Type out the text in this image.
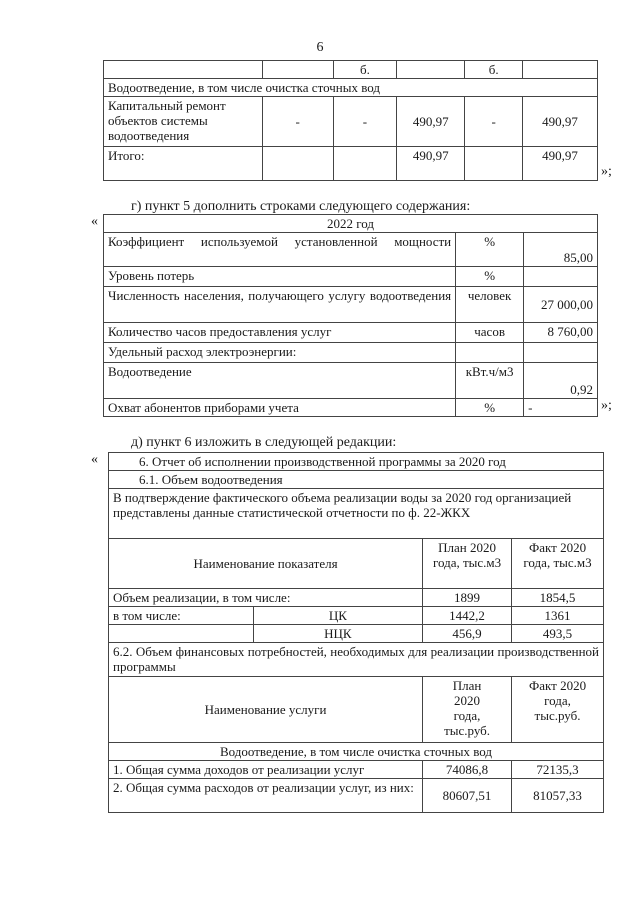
6
		б.		б.	
Водоотведение, в том числе очистка сточных вод					
Капитальный ремонт объектов системы водоотведения	-	-	490,97	-	490,97
Итого:			490,97		490,97
»;
г) пункт 5 дополнить строками следующего содержания:
«	2022 год		
Коэффициент используемой установленной мощности	%	85,00
Уровень потерь	%	
Численность населения, получающего услугу водоотведения	человек	27 000,00
Количество часов предоставления услуг	часов	8 760,00
Удельный расход электроэнергии:		
Водоотведение	кВт.ч/м3	0,92
Охват абонентов приборами учета	%	-	»;
д) пункт 6 изложить в следующей редакции:
«	6. Отчет об исполнении производственной программы за 2020 год			
6.1. Объем водоотведения			
В подтверждение фактического объема реализации воды за 2020 год организацией представлены данные статистической отчетности по ф. 22-ЖКХ			
Наименование показателя		План 2020 года, тыс.м3	Факт 2020 года, тыс.м3
Объем реализации, в том числе:		1899	1854,5
в том числе:	ЦК	1442,2	1361
	НЦК	456,9	493,5
6.2. Объем финансовых потребностей, необходимых для реализации производственной программы			
Наименование услуги		План 2020 года, тыс.руб.	Факт 2020 года, тыс.руб.
Водоотведение, в том числе очистка сточных вод			
1. Общая сумма доходов от реализации услуг		74086,8	72135,3
2. Общая сумма расходов от реализации услуг, из них:		80607,51	81057,33
